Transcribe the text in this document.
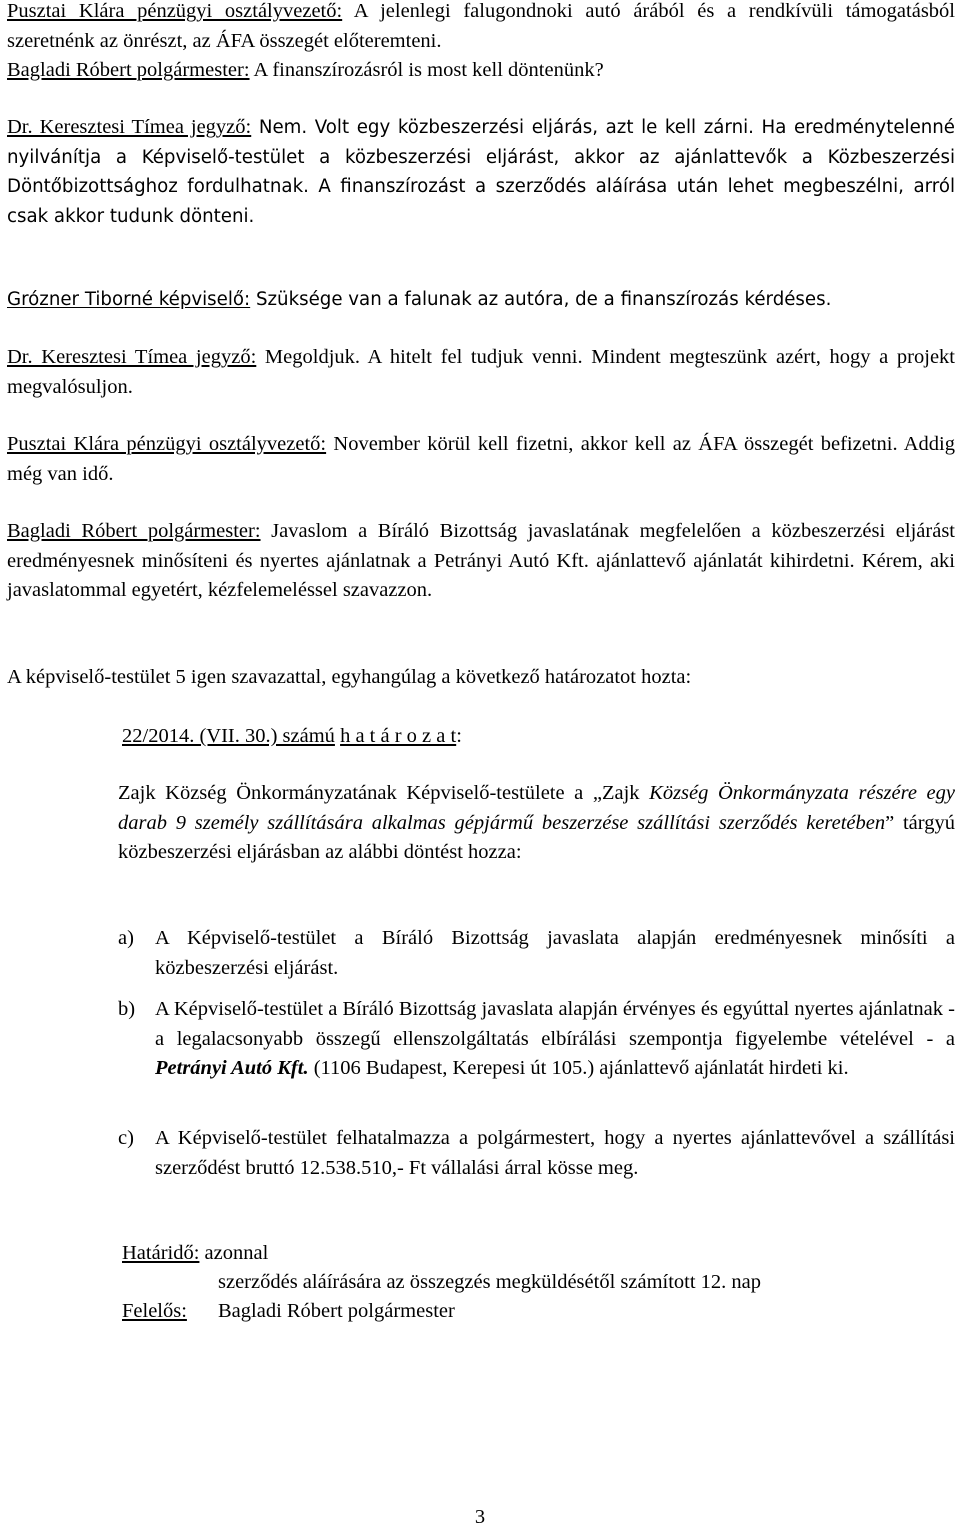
Pusztai Klára pénzügyi osztályvezető: A jelenlegi falugondnoki autó árából és a rendkívüli támogatásból szeretnénk az önrészt, az ÁFA összegét előteremteni.

Bagladi Róbert polgármester: A finanszírozásról is most kell döntenünk?

Dr. Keresztesi Tímea jegyző: Nem. Volt egy közbeszerzési eljárás, azt le kell zárni. Ha eredménytelenné nyilvánítja a Képviselő-testület a közbeszerzési eljárást, akkor az ajánlattevők a Közbeszerzési Döntőbizottsághoz fordulhatnak. A finanszírozást a szerződés aláírása után lehet megbeszélni, arról csak akkor tudunk dönteni.

Grózner Tiborné képviselő: Szüksége van a falunak az autóra, de a finanszírozás kérdéses.

Dr. Keresztesi Tímea jegyző: Megoldjuk. A hitelt fel tudjuk venni. Mindent megteszünk azért, hogy a projekt megvalósuljon.

Pusztai Klára pénzügyi osztályvezető: November körül kell fizetni, akkor kell az ÁFA összegét befizetni. Addig még van idő.

Bagladi Róbert polgármester: Javaslom a Bíráló Bizottság javaslatának megfelelően a közbeszerzési eljárást eredményesnek minősíteni és nyertes ajánlatnak a Petrányi Autó Kft. ajánlattevő ajánlatát kihirdetni. Kérem, aki javaslatommal egyetért, kézfelemeléssel szavazzon.

A képviselő-testület 5 igen szavazattal, egyhangúlag a következő határozatot hozta:

22/2014. (VII. 30.) számú h a t á r o z a t:

Zajk Község Önkormányzatának Képviselő-testülete a „Zajk Község Önkormányzata részére egy darab 9 személy szállítására alkalmas gépjármű beszerzése szállítási szerződés keretében” tárgyú közbeszerzési eljárásban az alábbi döntést hozza:

a)	A Képviselő-testület a Bíráló Bizottság javaslata alapján eredményesnek minősíti a közbeszerzési eljárást.

b) A Képviselő-testület a Bíráló Bizottság javaslata alapján érvényes és egyúttal nyertes ajánlatnak - a legalacsonyabb összegű ellenszolgáltatás elbírálási szempontja figyelembe vételével - a Petrányi Autó Kft. (1106 Budapest, Kerepesi út 105.) ajánlattevő ajánlatát hirdeti ki.

c)	A Képviselő-testület felhatalmazza a polgármestert, hogy a nyertes ajánlattevővel a szállítási szerződést bruttó 12.538.510,- Ft vállalási árral kösse meg.

Határidő: azonnal

szerződés aláírására az összegzés megküldésétől számított 12. nap

Felelős: Bagladi Róbert polgármester

3
